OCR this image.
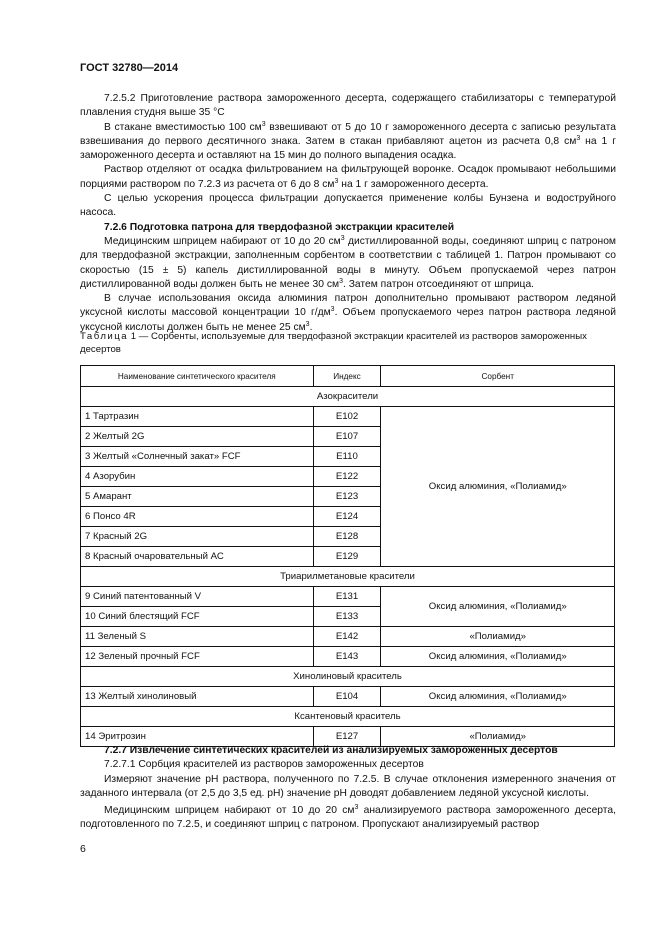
ГОСТ 32780—2014

7.2.5.2 Приготовление раствора замороженного десерта, содержащего стабилизаторы с температурой плавления студня выше 35 °С

В стакане вместимостью 100 $см^3$ взвешивают от 5 до 10 г замороженного десерта с записью результата взвешивания до первого десятичного знака. Затем в стакан прибавляют ацетон из расчета 0,8 $см^3$ на 1 г замороженного десерта и оставляют на 15 мин до полного выпадения осадка.

Раствор отделяют от осадка фильтрованием на фильтрующей воронке. Осадок промывают небольшими порциями раствором по 7.2.3 из расчета от 6 до 8 $см^3$ на 1 г замороженного десерта.

С целью ускорения процесса фильтрации допускается применение колбы Бунзена и водоструйного насоса.

7.2.6 Подготовка патрона для твердофазной экстракции красителей

Медицинским шприцем набирают от 10 до 20 $см^3$ дистиллированной воды, соединяют шприц с патроном для твердофазной экстракции, заполненным сорбентом в соответствии с таблицей 1. Патрон промывают со скоростью (15 ± 5) капель дистиллированной воды в минуту. Объем пропускаемой через патрон дистиллированной воды должен быть не менее 30 $см^3$. Затем патрон отсоединяют от шприца.

В случае использования оксида алюминия патрон дополнительно промывают раствором ледяной уксусной кислоты массовой концентрации 10 $г/дм^3$. Объем пропускаемого через патрон раствора ледяной уксусной кислоты должен быть не менее 25 $см^3$.

Таблица 1 — Сорбенты, используемые для твердофазной экстракции красителей из растворов замороженных десертов
Наименование синтетического красителя	Индекс	Сорбент
Азокрасители		
1 Тартразин	Е102	Оксид алюминия, «Полиамид»
2 Желтый 2G	Е107	
3 Желтый «Солнечный закат» FCF	Е110	
4 Азорубин	Е122	
5 Амарант	Е123	
6 Понсо 4R	Е124	
7 Красный 2G	Е128	
8 Красный очаровательный АС	Е129	
Триарилметановые красители		
9 Синий патентованный V	Е131	Оксид алюминия, «Полиамид»
10 Синий блестящий FCF	Е133	
11 Зеленый S	Е142	«Полиамид»
12 Зеленый прочный FCF	Е143	Оксид алюминия, «Полиамид»
Хинолиновый краситель		
13 Желтый хинолиновый	Е104	Оксид алюминия, «Полиамид»
Ксантеновый краситель		
14 Эритрозин	Е127	«Полиамид»

7.2.7 Извлечение синтетических красителей из анализируемых замороженных десертов

7.2.7.1 Сорбция красителей из растворов замороженных десертов

Измеряют значение рН раствора, полученного по 7.2.5. В случае отклонения измеренного значения от заданного интервала (от 2,5 до 3,5 ед. рН) значение рН доводят добавлением ледяной уксусной кислоты.

Медицинским шприцем набирают от 10 до 20 $см^3$ анализируемого раствора замороженного десерта, подготовленного по 7.2.5, и соединяют шприц с патроном. Пропускают анализируемый раствор

6
